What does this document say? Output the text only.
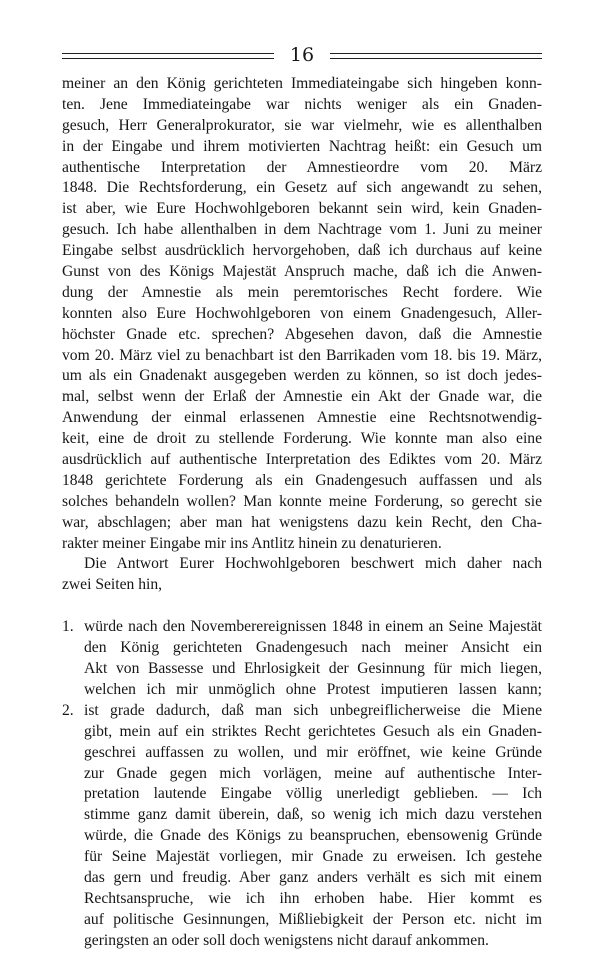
16
meiner an den König gerichteten Immediateingabe sich hingeben konn-
ten. Jene Immediateingabe war nichts weniger als ein Gnaden-
gesuch, Herr Generalprokurator, sie war vielmehr, wie es allenthalben
in der Eingabe und ihrem motivierten Nachtrag heißt: ein Gesuch um
authentische Interpretation der Amnestieordre vom 20. März
1848. Die Rechtsforderung, ein Gesetz auf sich angewandt zu sehen,
ist aber, wie Eure Hochwohlgeboren bekannt sein wird, kein Gnaden-
gesuch. Ich habe allenthalben in dem Nachtrage vom 1. Juni zu meiner
Eingabe selbst ausdrücklich hervorgehoben, daß ich durchaus auf keine
Gunst von des Königs Majestät Anspruch mache, daß ich die Anwen-
dung der Amnestie als mein peremtorisches Recht fordere. Wie
konnten also Eure Hochwohlgeboren von einem Gnadengesuch, Aller-
höchster Gnade etc. sprechen? Abgesehen davon, daß die Amnestie
vom 20. März viel zu benachbart ist den Barrikaden vom 18. bis 19. März,
um als ein Gnadenakt ausgegeben werden zu können, so ist doch jedes-
mal, selbst wenn der Erlaß der Amnestie ein Akt der Gnade war, die
Anwendung der einmal erlassenen Amnestie eine Rechtsnotwendig-
keit, eine de droit zu stellende Forderung. Wie konnte man also eine
ausdrücklich auf authentische Interpretation des Ediktes vom 20. März
1848 gerichtete Forderung als ein Gnadengesuch auffassen und als
solches behandeln wollen? Man konnte meine Forderung, so gerecht sie
war, abschlagen; aber man hat wenigstens dazu kein Recht, den Cha-
rakter meiner Eingabe mir ins Antlitz hinein zu denaturieren.
Die Antwort Eurer Hochwohlgeboren beschwert mich daher nach
zwei Seiten hin,
1. würde nach den Novemberereignissen 1848 in einem an Seine Majestät
den König gerichteten Gnadengesuch nach meiner Ansicht ein
Akt von Bassesse und Ehrlosigkeit der Gesinnung für mich liegen,
welchen ich mir unmöglich ohne Protest imputieren lassen kann;
2. ist grade dadurch, daß man sich unbegreiflicherweise die Miene
gibt, mein auf ein striktes Recht gerichtetes Gesuch als ein Gnaden-
geschrei auffassen zu wollen, und mir eröffnet, wie keine Gründe
zur Gnade gegen mich vorlägen, meine auf authentische Inter-
pretation lautende Eingabe völlig unerledigt geblieben. — Ich
stimme ganz damit überein, daß, so wenig ich mich dazu verstehen
würde, die Gnade des Königs zu beanspruchen, ebensowenig Gründe
für Seine Majestät vorliegen, mir Gnade zu erweisen. Ich gestehe
das gern und freudig. Aber ganz anders verhält es sich mit einem
Rechtsanspruche, wie ich ihn erhoben habe. Hier kommt es
auf politische Gesinnungen, Mißliebigkeit der Person etc. nicht im
geringsten an oder soll doch wenigstens nicht darauf ankommen.
